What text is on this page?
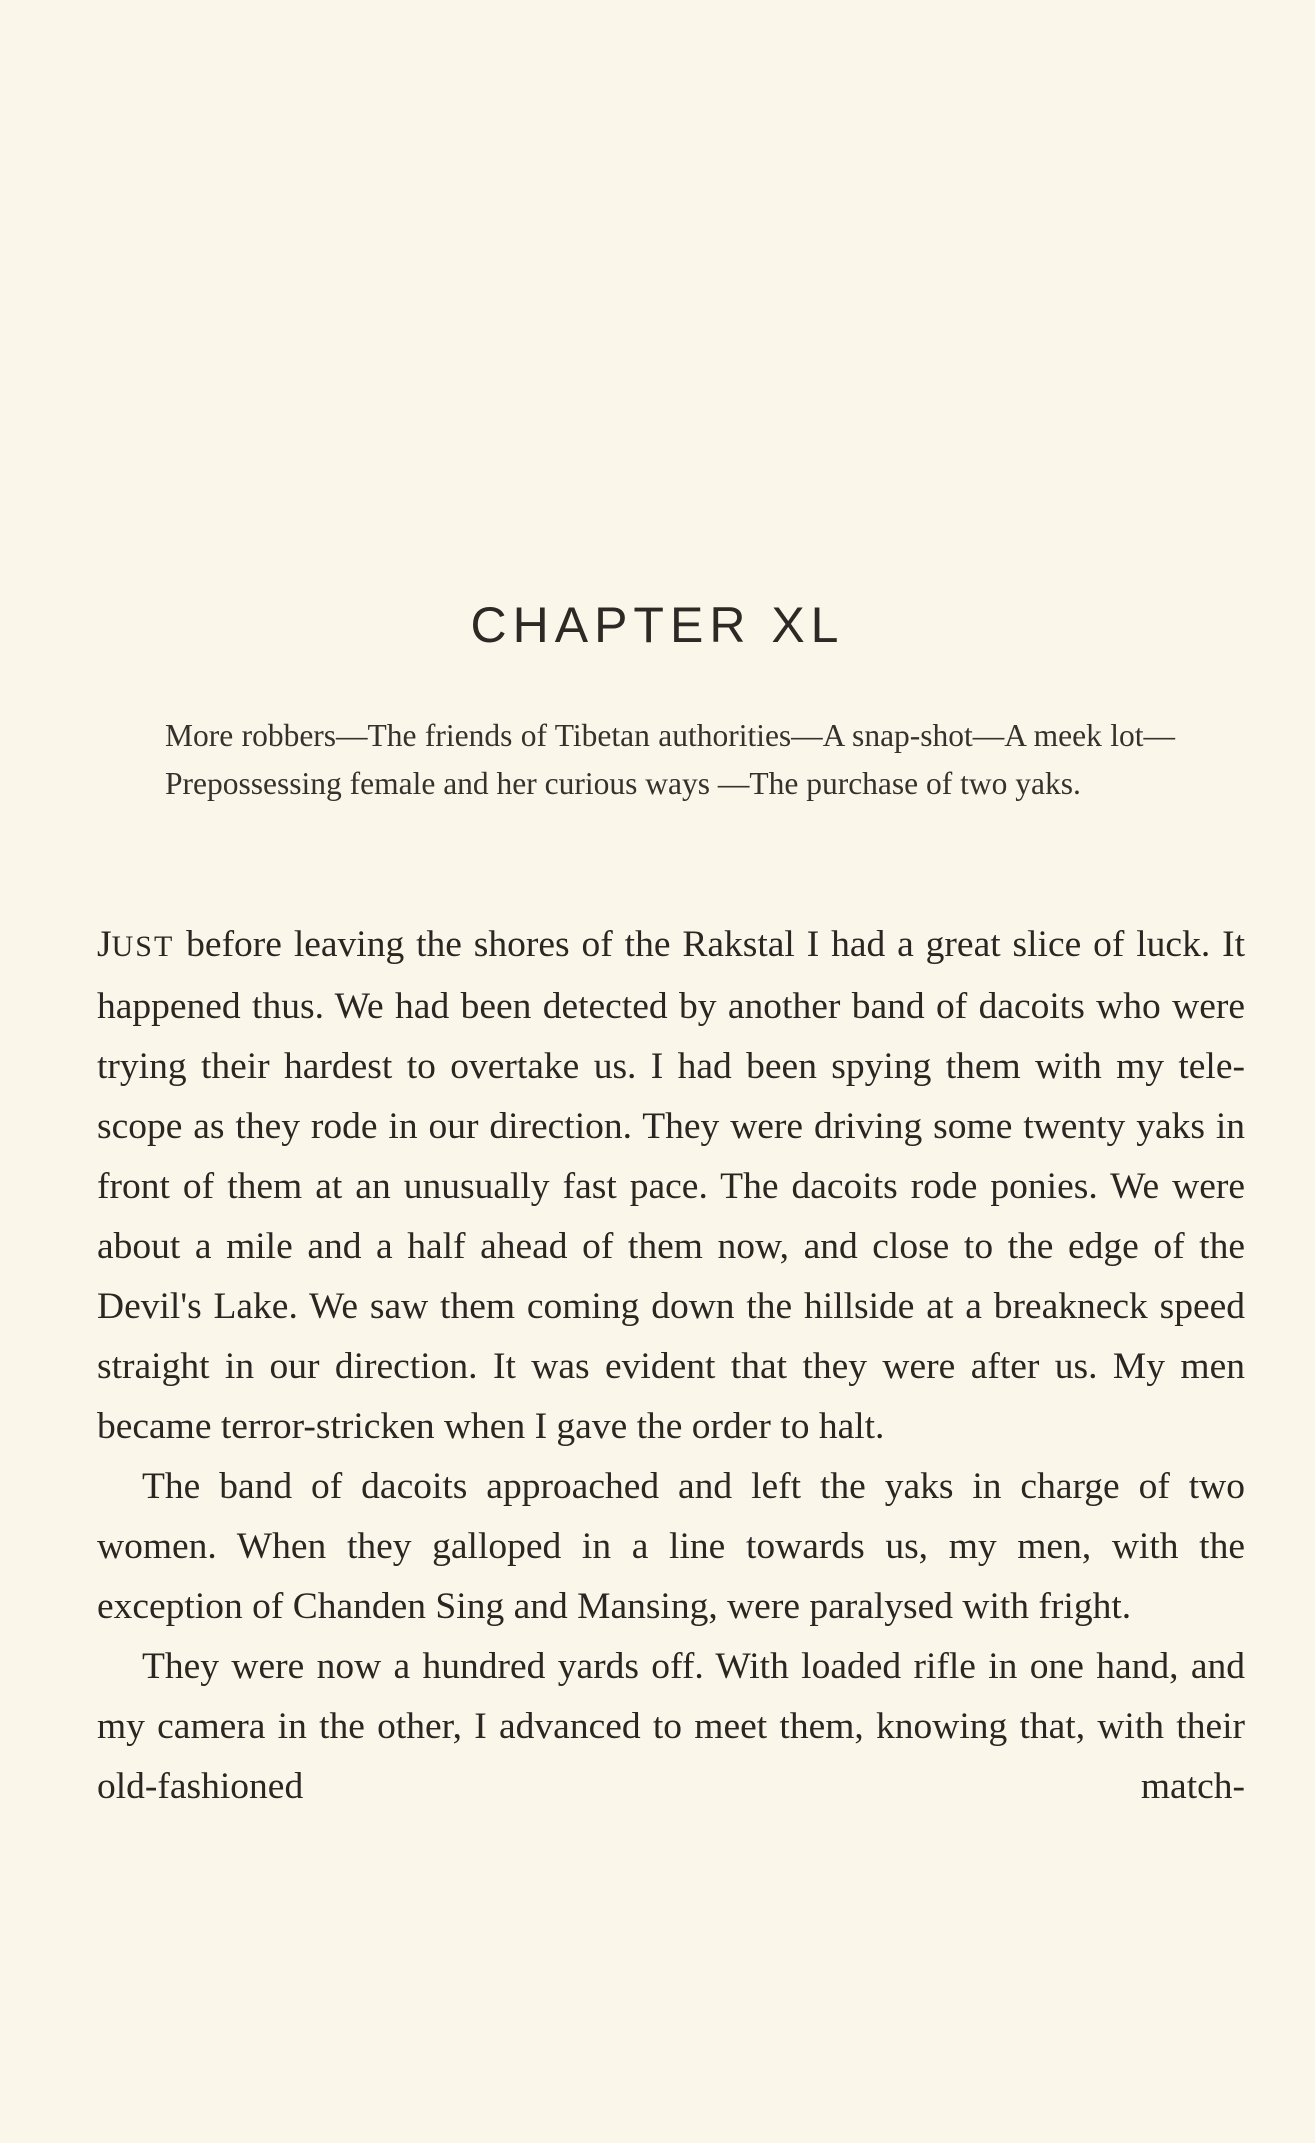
CHAPTER XL

More robbers—The friends of Tibetan authorities—A snap-shot—A meek lot—Prepossessing female and her curious ways —The purchase of two yaks.

JUST before leaving the shores of the Rakstal I had a great slice of luck. It happened thus. We had been detected by another band of dacoits who were trying their hardest to overtake us. I had been spying them with my tele-scope as they rode in our direction. They were driving some twenty yaks in front of them at an unusually fast pace. The dacoits rode ponies. We were about a mile and a half ahead of them now, and close to the edge of the Devil's Lake. We saw them coming down the hillside at a breakneck speed straight in our direction. It was evident that they were after us. My men became terror-stricken when I gave the order to halt.

The band of dacoits approached and left the yaks in charge of two women. When they galloped in a line towards us, my men, with the exception of Chanden Sing and Mansing, were paralysed with fright.

They were now a hundred yards off. With loaded rifle in one hand, and my camera in the other, I advanced to meet them, knowing that, with their old-fashioned match-
